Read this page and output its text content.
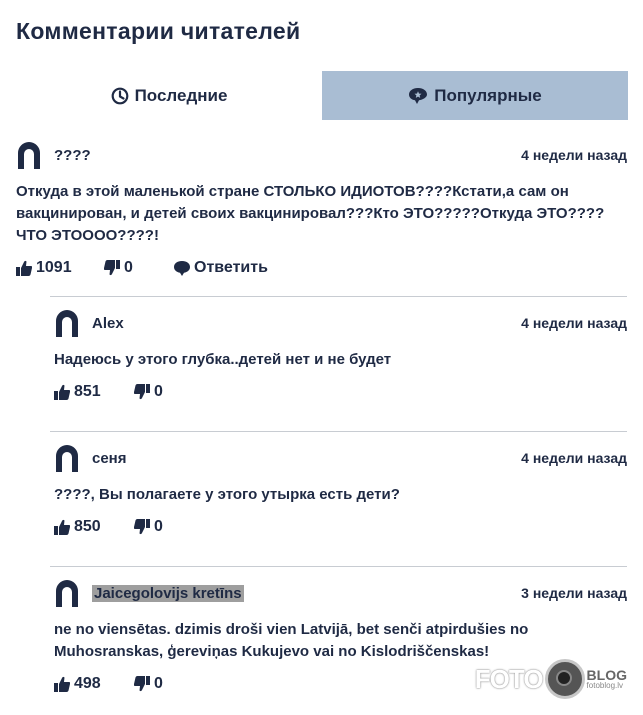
Комментарии читателей
Последние	Популярные
????	4 недели назад
Откуда в этой маленькой стране СТОЛЬКО ИДИОТОВ????Кстати,а сам он вакцинирован, и детей своих вакцинировал???Кто ЭТО?????Откуда ЭТО???? ЧТО ЭТОООО????!
1091	0	Ответить
Alex	4 недели назад
Надеюсь у этого глубка..детей нет и не будет
851	0
сеня	4 недели назад
????, Вы полагаете у этого утырка есть дети?
850	0
Jaicegolovijs kretīns	3 недели назад
ne no viensētas. dzimis droši vien Latvijā, bet senči atpirdušies no Muhosranskas, ģereviņas Kukujevo vai no Kislodriščenskas!
498	0	FOTO	BLOG
fotoblog.lv
